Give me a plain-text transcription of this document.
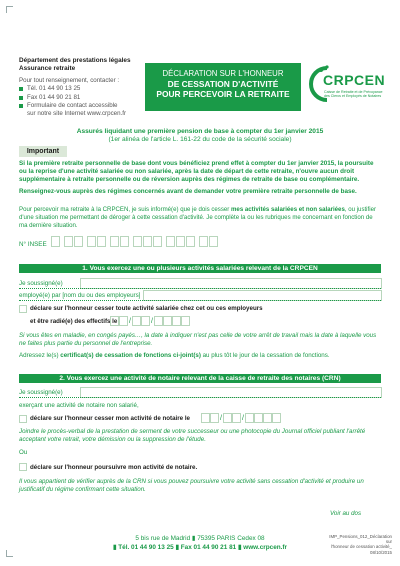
Département des prestations légales
Assurance retraite
Pour tout renseignement, contacter :
Tél. 01 44 90 13 25
Fax 01 44 90 21 81
Formulaire de contact accessible
sur notre site Internet www.crpcen.fr
DÉCLARATION SUR L'HONNEUR
DE CESSATION D'ACTIVITÉ
POUR PERCEVOIR LA RETRAITE
CRPCEN
Caisse de Retraite et de Prévoyance
des Clercs et Employés de Notaires
Assurés liquidant une première pension de base à compter du 1er janvier 2015
(1er alinéa de l'article L. 161-22 du code de la sécurité sociale)
Important
Si la première retraite personnelle de base dont vous bénéficiez prend effet à compter du 1er janvier 2015, la poursuite ou la reprise d'une activité salariée ou non salariée, après la date de départ de cette retraite, n'ouvre aucun droit supplémentaire à retraite personnelle ou de réversion auprès des régimes de retraite de base ou complémentaire.
Renseignez-vous auprès des régimes concernés avant de demander votre première retraite personnelle de base.
Pour percevoir ma retraite à la CRPCEN, je suis informé(e) que je dois cesser mes activités salariées et non salariées, ou justifier d'une situation me permettant de déroger à cette cessation d'activité. Je complète la ou les rubriques me concernant en fonction de ma dernière situation.
N° INSEE
1. Vous exercez une ou plusieurs activités salariées relevant de la CRPCEN
Je soussigné(e)
employé(e) par [nom du ou des employeurs]
déclare sur l'honneur cesser toute activité salariée chez cet ou ces employeurs
et être radié(e) des effectifs le /	/
Si vous êtes en maladie, en congés payés…, la date à indiquer n'est pas celle de votre arrêt de travail mais la date à laquelle vous ne faites plus partie du personnel de l'entreprise.
Adressez le(s) certificat(s) de cessation de fonctions ci-joint(s) au plus tôt le jour de la cessation de fonctions.
2. Vous exercez une activité de notaire relevant de la caisse de retraite des notaires (CRN)
Je soussigné(e)
exerçant une activité de notaire non salarié,
déclare sur l'honneur cesser mon activité de notaire le	/	/
Joindre le procès-verbal de la prestation de serment de votre successeur ou une photocopie du Journal officiel publiant l'arrêté acceptant votre retrait, votre démission ou la suppression de l'étude.
Ou
déclare sur l'honneur poursuivre mon activité de notaire.
Il vous appartient de vérifier auprès de la CRN si vous pouvez poursuivre votre activité sans cessation d'activité et produire un justificatif du régime confirmant cette situation.
Voir au dos
5 bis rue de Madrid ▮ 75395 PARIS Cedex 08
▮ Tél. 01 44 90 13 25 ▮ Fax 01 44 90 21 81 ▮ www.crpcen.fr
IMP_Pensions_012_Déclaration sur
l'honneur de cessation activité_
08/10/2015
